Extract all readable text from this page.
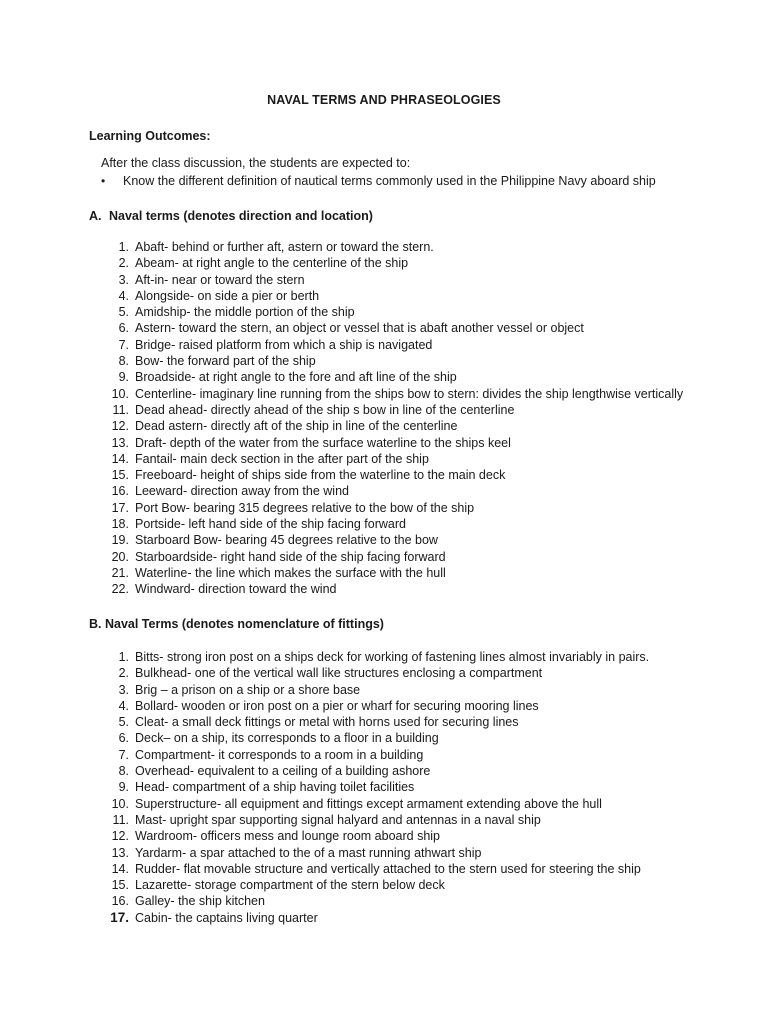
NAVAL TERMS AND PHRASEOLOGIES
Learning Outcomes:
After the class discussion, the students are expected to:
• Know the different definition of nautical terms commonly used in the Philippine Navy aboard ship
A. Naval terms (denotes direction and location)
1. Abaft- behind or further aft, astern or toward the stern.
2. Abeam- at right angle to the centerline of the ship
3. Aft-in- near or toward the stern
4. Alongside- on side a pier or berth
5. Amidship- the middle portion of the ship
6. Astern- toward the stern, an object or vessel that is abaft another vessel or object
7. Bridge- raised platform from which a ship is navigated
8. Bow- the forward part of the ship
9. Broadside- at right angle to the fore and aft line of the ship
10. Centerline- imaginary line running from the ships bow to stern: divides the ship lengthwise vertically
11. Dead ahead- directly ahead of the ship s bow in line of the centerline
12. Dead astern- directly aft of the ship in line of the centerline
13. Draft- depth of the water from the surface waterline to the ships keel
14. Fantail- main deck section in the after part of the ship
15. Freeboard- height of ships side from the waterline to the main deck
16. Leeward- direction away from the wind
17. Port Bow- bearing 315 degrees relative to the bow of the ship
18. Portside- left hand side of the ship facing forward
19. Starboard Bow- bearing 45 degrees relative to the bow
20. Starboardside- right hand side of the ship facing forward
21. Waterline- the line which makes the surface with the hull
22. Windward- direction toward the wind
B. Naval Terms (denotes nomenclature of fittings)
1. Bitts- strong iron post on a ships deck for working of fastening lines almost invariably in pairs.
2. Bulkhead- one of the vertical wall like structures enclosing a compartment
3. Brig – a prison on a ship or a shore base
4. Bollard- wooden or iron post on a pier or wharf for securing mooring lines
5. Cleat- a small deck fittings or metal with horns used for securing lines
6. Deck– on a ship, its corresponds to a floor in a building
7. Compartment- it corresponds to a room in a building
8. Overhead- equivalent to a ceiling of a building ashore
9. Head- compartment of a ship having toilet facilities
10. Superstructure- all equipment and fittings except armament extending above the hull
11. Mast- upright spar supporting signal halyard and antennas in a naval ship
12. Wardroom- officers mess and lounge room aboard ship
13. Yardarm- a spar attached to the of a mast running athwart ship
14. Rudder- flat movable structure and vertically attached to the stern used for steering the ship
15. Lazarette- storage compartment of the stern below deck
16. Galley- the ship kitchen
17. Cabin- the captains living quarter
